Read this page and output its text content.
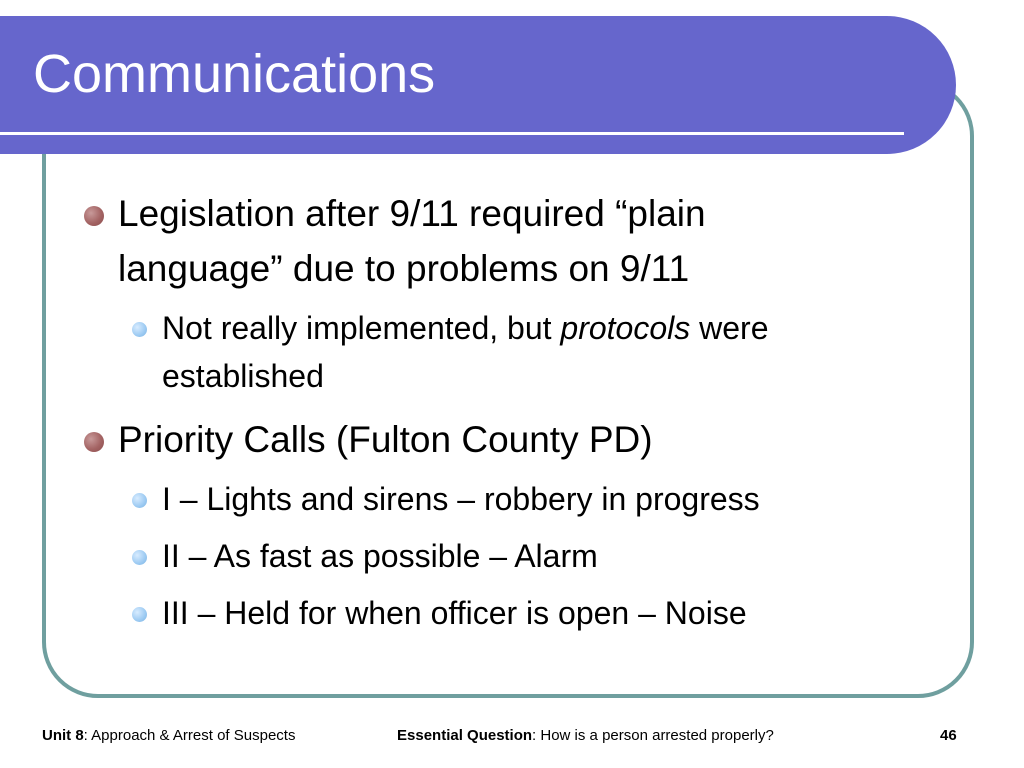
Communications
Legislation after 9/11 required “plain
language” due to problems on 9/11
Not really implemented, but protocols were
established
Priority Calls (Fulton County PD)
I – Lights and sirens – robbery in progress
II – As fast as possible – Alarm
III – Held for when officer is open – Noise
Unit 8: Approach & Arrest of Suspects	Essential Question: How is a person arrested properly?	46
